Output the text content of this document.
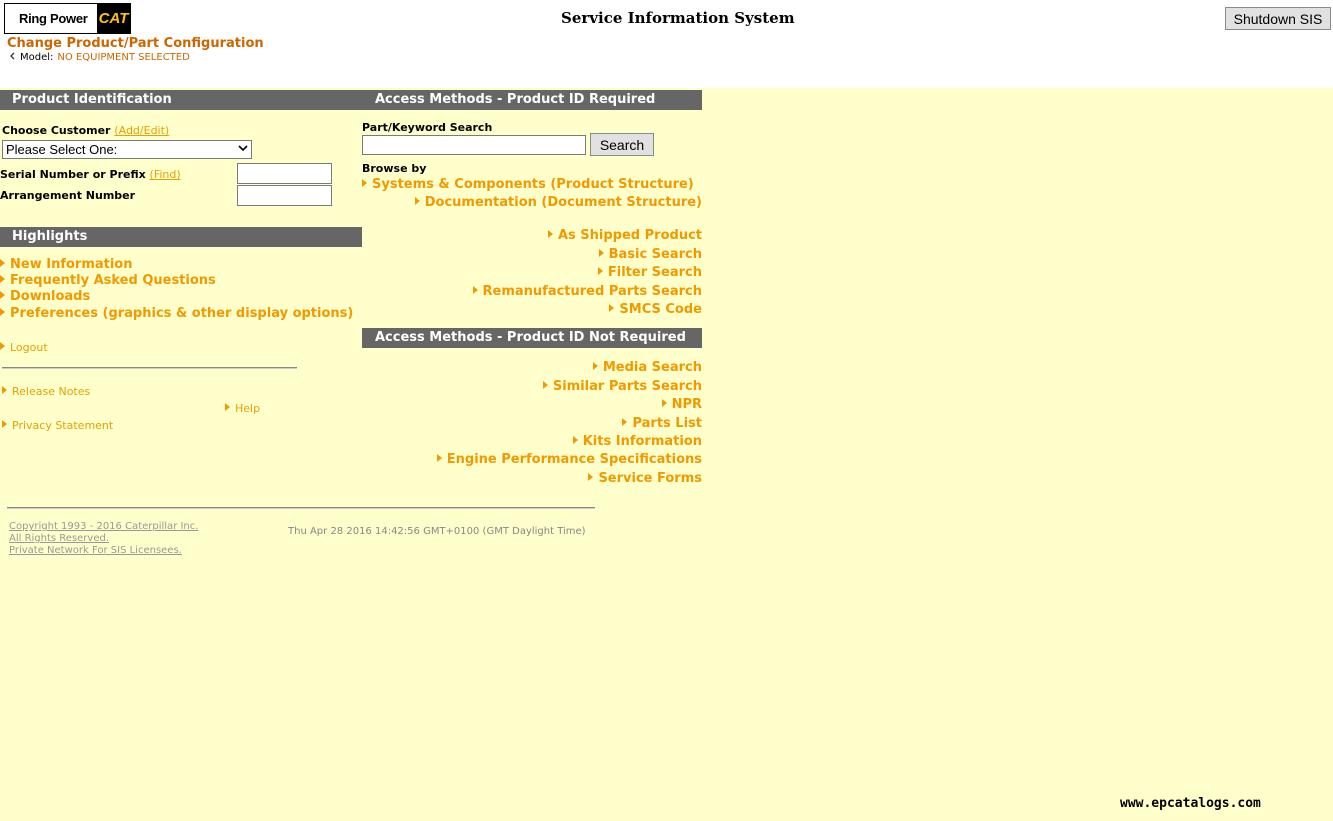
Ring Power CAT	Service Information System	Shutdown SIS
Change Product/Part Configuration
Model: NO EQUIPMENT SELECTED
Product Identification
Choose Customer (Add/Edit)
Please Select One:
Serial Number or Prefix (Find)
Arrangement Number
Highlights
New Information
Frequently Asked Questions
Downloads
Preferences (graphics & other display options)
Logout
Release Notes
Help
Privacy Statement
Access Methods - Product ID Required
Part/Keyword Search
Search
Browse by
Systems & Components (Product Structure)
Documentation (Document Structure)
As Shipped Product
Basic Search
Filter Search
Remanufactured Parts Search
SMCS Code
Access Methods - Product ID Not Required
Media Search
Similar Parts Search
NPR
Parts List
Kits Information
Engine Performance Specifications
Service Forms
Copyright 1993 - 2016 Caterpillar Inc.
All Rights Reserved.
Private Network For SIS Licensees.
Thu Apr 28 2016 14:42:56 GMT+0100 (GMT Daylight Time)
www.epcatalogs.com
